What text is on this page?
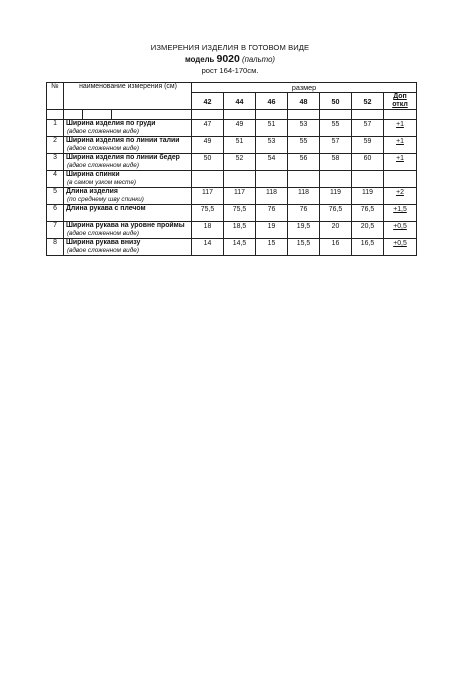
ИЗМЕРЕНИЯ ИЗДЕЛИЯ В ГОТОВОМ ВИДЕ
модель 9020 (пальто)
рост 164-170см.
№	наименование измерения (см)	размер						
		42	44	46	48	50	52	Доп
откл

1	Ширина изделия по груди
(вдвое сложенном виде)	47	49	51	53	55	57	+1
2	Ширина изделия по линии талии
(вдвое сложенном виде)	49	51	53	55	57	59	+1
3	Ширина изделия по линии бедер
(вдвое сложенном виде)	50	52	54	56	58	60	+1
4	Ширина спинки
(в самом узком месте)							

5	Длина изделия
(по среднему шву спинки)	117	117	118	118	119	119	+2
6	Длина рукава с плечом	75,5	75,5	76	76	76,5	76,5	+1,5
7	Ширина рукава на уровне проймы
(вдвое сложенном виде)	18	18,5	19	19,5	20	20,5	+0,5
8	Ширина рукава внизу
(вдвое сложенном виде)	14	14,5	15	15,5	16	16,5	+0,5
